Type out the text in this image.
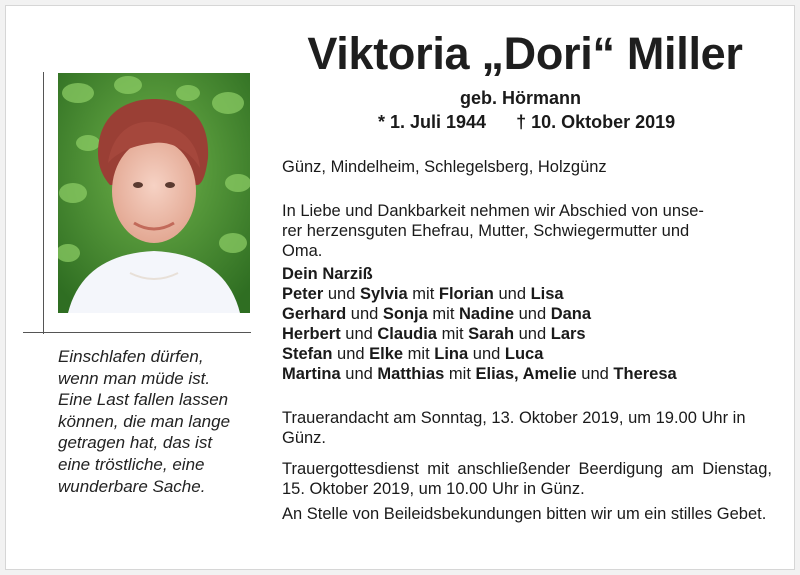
Viktoria „Dori“ Miller
geb. Hörmann
* 1. Juli 1944      † 10. Oktober 2019
Einschlafen dürfen,
wenn man müde ist.
Eine Last fallen lassen
können, die man lange
getragen hat, das ist
eine tröstliche, eine
wunderbare Sache.

Günz, Mindelheim, Schlegelsberg, Holzgünz

In Liebe und Dankbarkeit nehmen wir Abschied von unse-
rer herzensguten Ehefrau, Mutter, Schwiegermutter und
Oma.
Dein Narziß
Peter und Sylvia mit Florian und Lisa
Gerhard und Sonja mit Nadine und Dana
Herbert und Claudia mit Sarah und Lars
Stefan und Elke mit Lina und Luca
Martina und Matthias mit Elias, Amelie und Theresa

Trauerandacht am Sonntag, 13. Oktober 2019, um 19.00 Uhr in Günz.

Trauergottesdienst mit anschließender Beerdigung am Dienstag, 15. Oktober 2019, um 10.00 Uhr in Günz.

An Stelle von Beileidsbekundungen bitten wir um ein stilles Gebet.
